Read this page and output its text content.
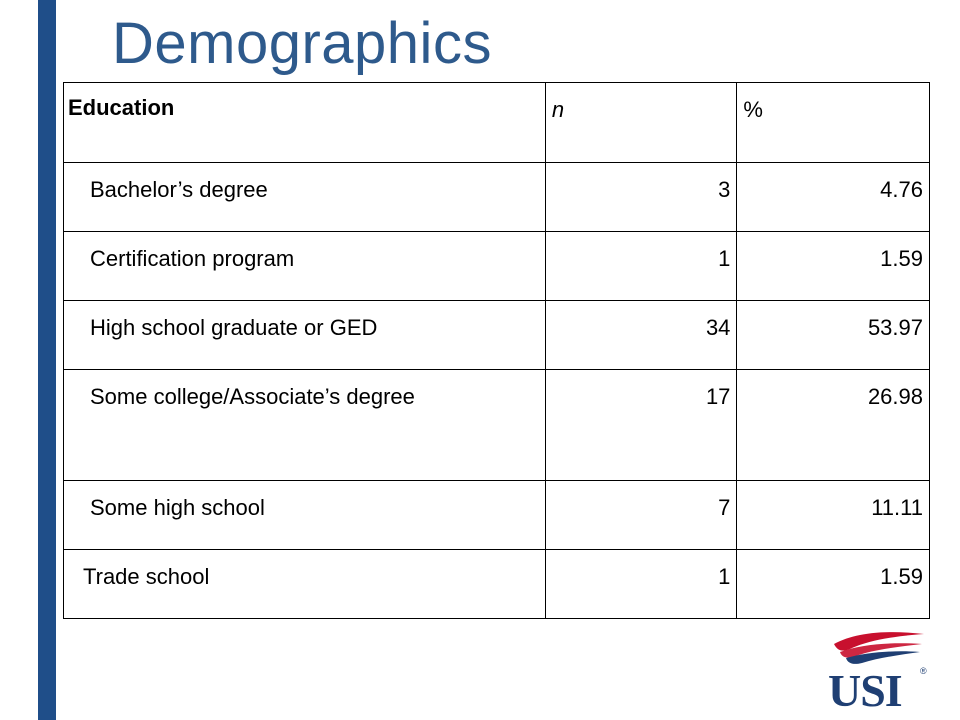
Demographics
Education	n	%
Bachelor’s degree	3	4.76
Certification program	1	1.59
High school graduate or GED	34	53.97
Some college/Associate’s degree	17	26.98
Some high school	7	11.11
Trade school	1	1.59
USI ®
